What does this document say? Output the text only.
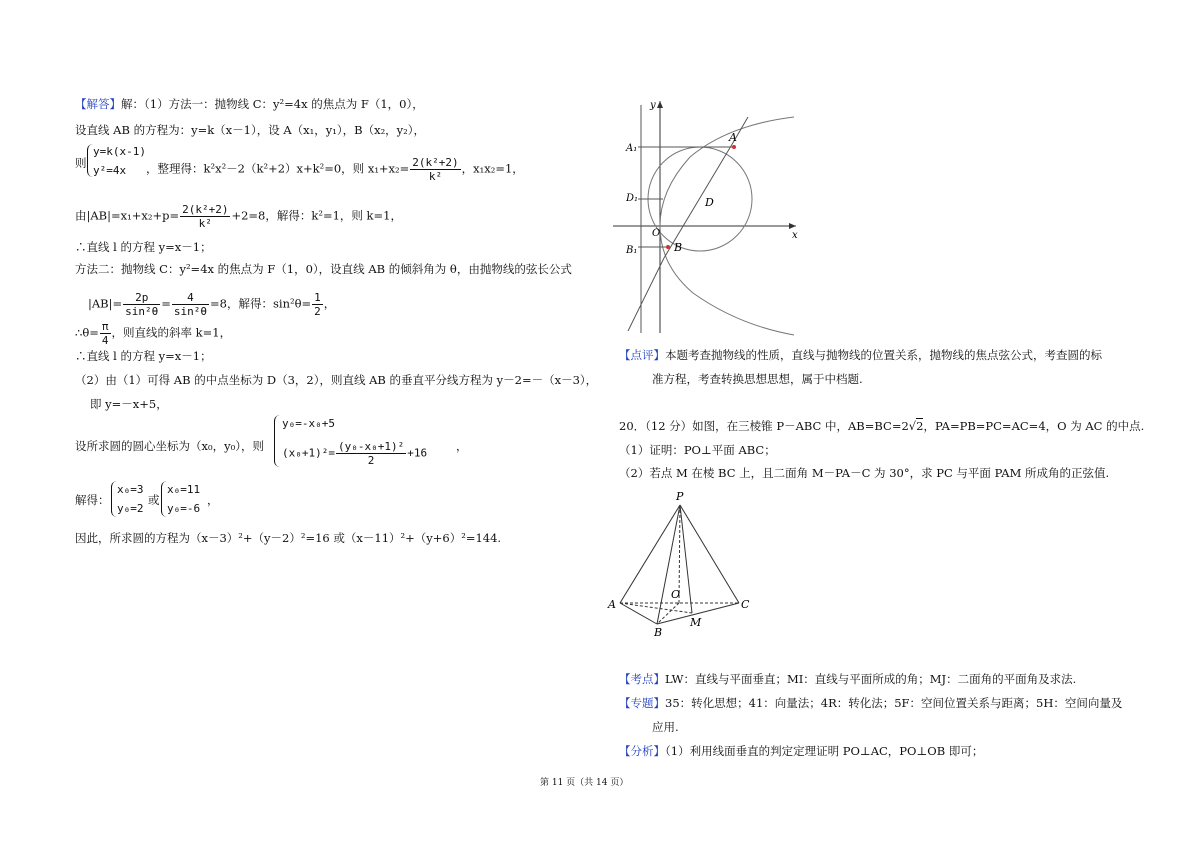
【解答】解：（1）方法一：抛物线 C：y²=4x 的焦点为 F（1，0），
设直线 AB 的方程为：y=k（x－1），设 A（x₁，y₁），B（x₂，y₂），
则
y=k(x-1)
y²=4x ，整理得：k²x²－2（k²+2）x+k²=0，则 $x_1+x_2= \frac{\text{2(k²+2)}}{\text{k²}}$ ，x₁x₂=1，
由$|AB|=x_1+x_2+p= \frac{\text{2(k²+2)}}{\text{k²}} +2=8$，解得：k²=1，则 k=1，
∴直线 l 的方程 y=x－1；
方法二：抛物线 C：y²=4x 的焦点为 F（1，0），设直线 AB 的倾斜角为 θ，由抛物线的弦长公式
$|AB|= \frac{2p}{\text{sin²θ}} = \frac{4}{\text{sin²θ}} =8$，解得：$\sin^2\theta= \frac{1}{2}$ ，
∴θ= $\frac{\pi}{4}$ ，则直线的斜率 k=1，
∴直线 l 的方程 y=x－1；
（2）由（1）可得 AB 的中点坐标为 D（3，2），则直线 AB 的垂直平分线方程为 y－2=－（x－3），
即 y=－x+5，
设所求圆的圆心坐标为（x₀，y₀），则
y₀=-x₀+5
$(x_0+1)^2= \frac{\text{(y₀-x₀+1)²}}{2} +16$	，
解得：
x₀=3
y₀=2
或
x₀=11
y₀=-6
，
因此，所求圆的方程为（x－3）²+（y－2）²=16 或（x－11）²+（y+6）²=144.
y
x
A
A₁
D
D₁
O
B
B₁
【点评】本题考查抛物线的性质，直线与抛物线的位置关系，抛物线的焦点弦公式，考查圆的标
准方程，考查转换思想思想，属于中档题.
20．（12 分）如图，在三棱锥 P－ABC 中，AB=BC=2√2，PA=PB=PC=AC=4，O 为 AC 的中点.
（1）证明：PO⊥平面 ABC；
（2）若点 M 在棱 BC 上，且二面角 M－PA－C 为 30°，求 PC 与平面 PAM 所成角的正弦值.
P
A
B
C
O
M
【考点】LW：直线与平面垂直；MI：直线与平面所成的角；MJ：二面角的平面角及求法.
【专题】35：转化思想；41：向量法；4R：转化法；5F：空间位置关系与距离；5H：空间向量及
应用.
【分析】（1）利用线面垂直的判定定理证明 PO⊥AC，PO⊥OB 即可；
第 11 页（共 14 页）
